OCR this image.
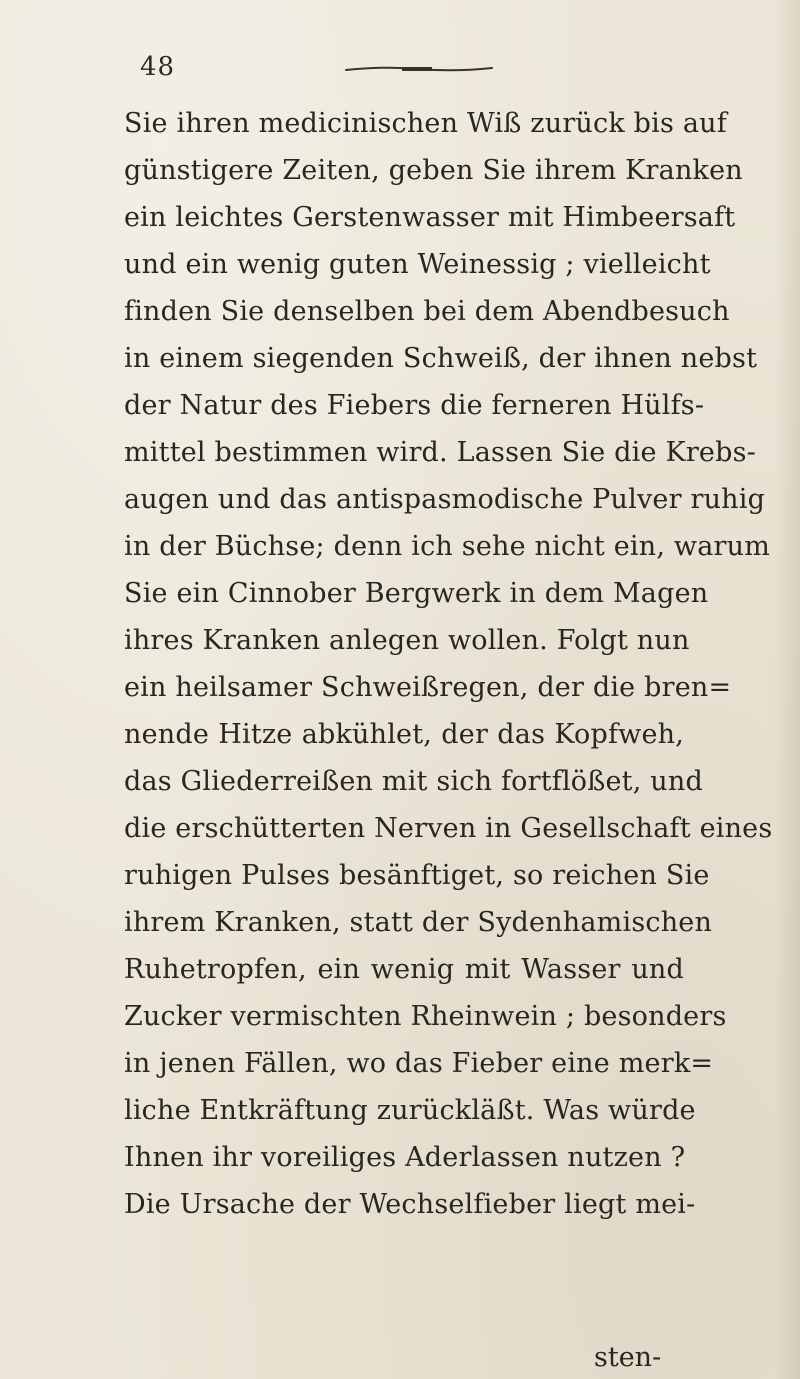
48
Sie ihren medicinischen Wiß zurück bis auf
günstigere Zeiten, geben Sie ihrem Kranken
ein leichtes Gerstenwasser mit Himbeersaft
und ein wenig guten Weinessig ; vielleicht
finden Sie denselben bei dem Abendbesuch
in einem siegenden Schweiß, der ihnen nebst
der Natur des Fiebers die ferneren Hülfs-
mittel bestimmen wird. Lassen Sie die Krebs-
augen und das antispasmodische Pulver ruhig
in der Büchse; denn ich sehe nicht ein, warum
Sie ein Cinnober Bergwerk in dem Magen
ihres Kranken anlegen wollen. Folgt nun
ein heilsamer Schweißregen, der die bren=
nende Hitze abkühlet, der das Kopfweh,
das Gliederreißen mit sich fortflößet, und
die erschütterten Nerven in Gesellschaft eines
ruhigen Pulses besänftiget, so reichen Sie
ihrem Kranken, statt der Sydenhamischen
Ruhetropfen, ein wenig mit Wasser und
Zucker vermischten Rheinwein ; besonders
in jenen Fällen, wo das Fieber eine merk=
liche Entkräftung zurückläßt. Was würde
Ihnen ihr voreiliges Aderlassen nutzen ?
Die Ursache der Wechselfieber liegt mei-
sten-
